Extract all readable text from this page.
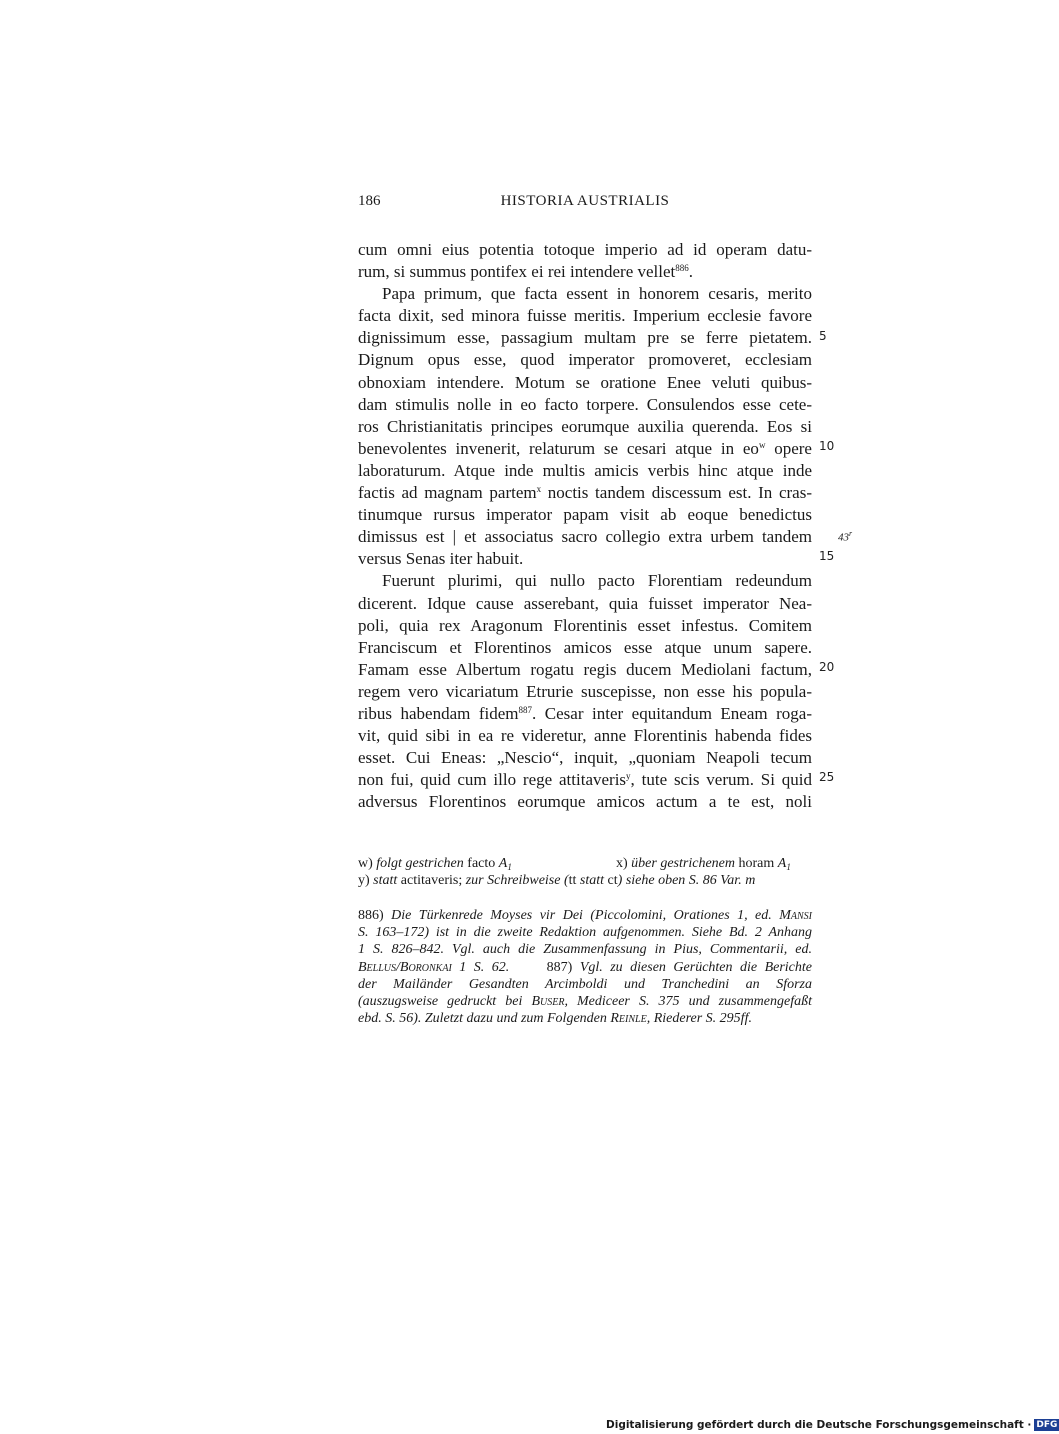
186	HISTORIA AUSTRIALIS
cum omni eius potentia totoque imperio ad id operam datu-
rum, si summus pontifex ei rei intendere vellet$^{886}$.
Papa primum, que facta essent in honorem cesaris, merito
facta dixit, sed minora fuisse meritis. Imperium ecclesie favore
dignissimum esse, passagium multam pre se ferre pietatem.
Dignum opus esse, quod imperator promoveret, ecclesiam
obnoxiam intendere. Motum se oratione Enee veluti quibus-
dam stimulis nolle in eo facto torpere. Consulendos esse cete-
ros Christianitatis principes eorumque auxilia querenda. Eos si
benevolentes invenerit, relaturum se cesari atque in $eo^w$ opere
laboraturum. Atque inde multis amicis verbis hinc atque inde
factis ad magnam partem$^x$ noctis tandem discessum est. In cras-
tinumque rursus imperator papam visit ab eoque benedictus
dimissus est | et associatus sacro collegio extra urbem tandem
versus Senas iter habuit.
Fuerunt plurimi, qui nullo pacto Florentiam redeundum
dicerent. Idque cause asserebant, quia fuisset imperator Nea-
poli, quia rex Aragonum Florentinis esset infestus. Comitem
Franciscum et Florentinos amicos esse atque unum sapere.
Famam esse Albertum rogatu regis ducem Mediolani factum,
regem vero vicariatum Etrurie suscepisse, non esse his popula-
ribus habendam fidem$^{887}$. Cesar inter equitandum Eneam roga-
vit, quid sibi in ea re videretur, anne Florentinis habenda fides
esset. Cui Eneas: „Nescio“, inquit, „quoniam Neapoli tecum
non fui, quid cum illo rege attitaveris$^y$, tute scis verum. Si quid
adversus Florentinos eorumque amicos actum a te est, noli
5
10
15
20
25
43$^r$
w) folgt gestrichen facto $A_1$	x) über gestrichenem horam $A_1$
y) statt actitaveris; zur Schreibweise (tt statt ct) siehe oben S. 86 Var. m
886) Die Türkenrede Moyses vir Dei (Piccolomini, Orationes 1, ed. Mansi
S. 163–172) ist in die zweite Redaktion aufgenommen. Siehe Bd. 2 Anhang
1 S. 826–842. Vgl. auch die Zusammenfassung in Pius, Commentarii, ed.
Bellus/Boronkai 1 S. 62.	887) Vgl. zu diesen Gerüchten die Berichte
der Mailänder Gesandten Arcimboldi und Tranchedini an Sforza
(auszugsweise gedruckt bei Buser, Mediceer S. 375 und zusammengefaßt
ebd. S. 56). Zuletzt dazu und zum Folgenden Reinle, Riederer S. 295ff.
Digitalisierung gefördert durch die Deutsche Forschungsgemeinschaft · DFG
